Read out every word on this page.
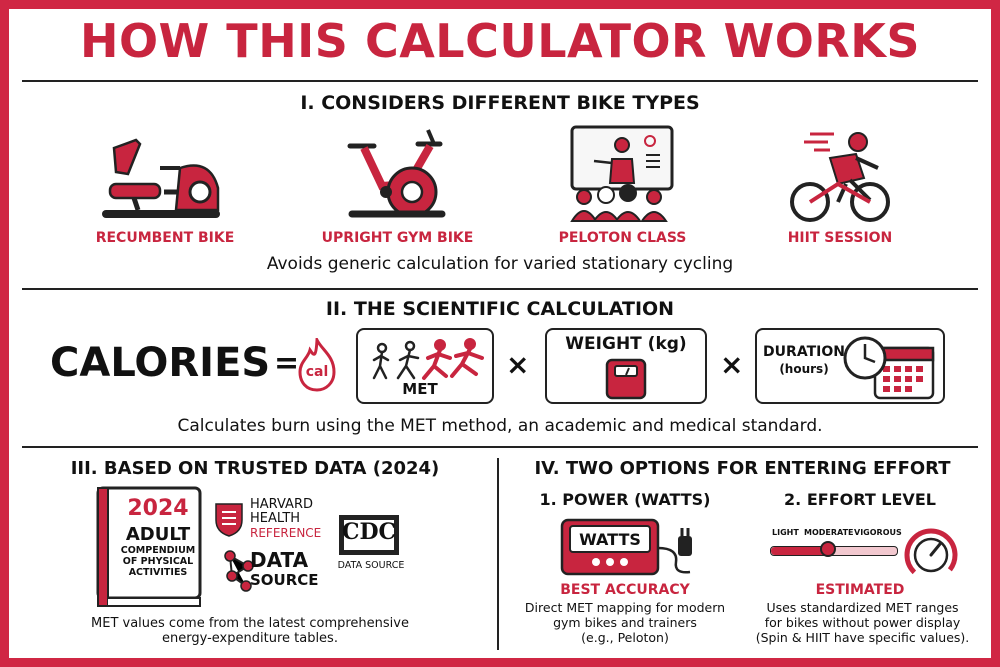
HOW THIS CALCULATOR WORKS
I. CONSIDERS DIFFERENT BIKE TYPES
RECUMBENT BIKE	UPRIGHT GYM BIKE	PELOTON CLASS	HIIT SESSION
Avoids generic calculation for varied stationary cycling
II. THE SCIENTIFIC CALCULATION
CALORIES = cal
MET
×
WEIGHT (kg)
× DURATION
(hours)
Calculates burn using the MET method, an academic and medical standard.
III. BASED ON TRUSTED DATA (2024)
2024
ADULT
COMPENDIUM
OF PHYSICAL
ACTIVITIES
HARVARD
HEALTH
REFERENCE
DATA
SOURCE
CDC
DATA SOURCE
MET values come from the latest comprehensive
energy-expenditure tables.
IV. TWO OPTIONS FOR ENTERING EFFORT
1. POWER (WATTS)
WATTS
BEST ACCURACY
Direct MET mapping for modern
gym bikes and trainers
(e.g., Peloton)
2. EFFORT LEVEL
LIGHT MODERATE VIGOROUS
ESTIMATED
Uses standardized MET ranges
for bikes without power display
(Spin & HIIT have specific values).
